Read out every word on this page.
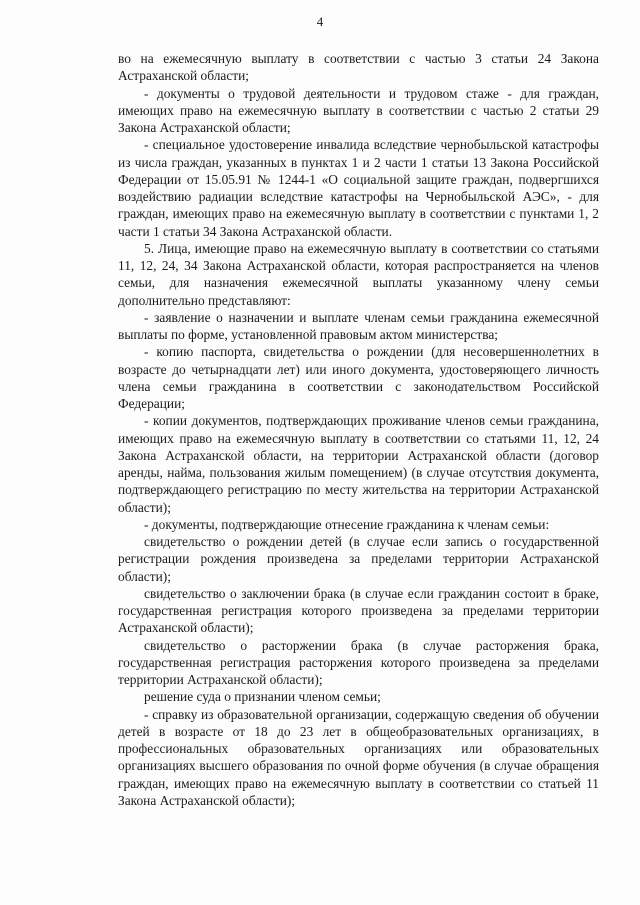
4

во на ежемесячную выплату в соответствии с частью 3 статьи 24 Закона Астраханской области;

- документы о трудовой деятельности и трудовом стаже - для граждан, имеющих право на ежемесячную выплату в соответствии с частью 2 статьи 29 Закона Астраханской области;

- специальное удостоверение инвалида вследствие чернобыльской катастрофы из числа граждан, указанных в пунктах 1 и 2 части 1 статьи 13 Закона Российской Федерации от 15.05.91 № 1244-1 «О социальной защите граждан, подвергшихся воздействию радиации вследствие катастрофы на Чернобыльской АЭС», - для граждан, имеющих право на ежемесячную выплату в соответствии с пунктами 1, 2 части 1 статьи 34 Закона Астраханской области.

5. Лица, имеющие право на ежемесячную выплату в соответствии со статьями 11, 12, 24, 34 Закона Астраханской области, которая распространяется на членов семьи, для назначения ежемесячной выплаты указанному члену семьи дополнительно представляют:

- заявление о назначении и выплате членам семьи гражданина ежемесячной выплаты по форме, установленной правовым актом министерства;

- копию паспорта, свидетельства о рождении (для несовершеннолетних в возрасте до четырнадцати лет) или иного документа, удостоверяющего личность члена семьи гражданина в соответствии с законодательством Российской Федерации;

- копии документов, подтверждающих проживание членов семьи гражданина, имеющих право на ежемесячную выплату в соответствии со статьями 11, 12, 24 Закона Астраханской области, на территории Астраханской области (договор аренды, найма, пользования жилым помещением) (в случае отсутствия документа, подтверждающего регистрацию по месту жительства на территории Астраханской области);

- документы, подтверждающие отнесение гражданина к членам семьи:

свидетельство о рождении детей (в случае если запись о государственной регистрации рождения произведена за пределами территории Астраханской области);

свидетельство о заключении брака (в случае если гражданин состоит в браке, государственная регистрация которого произведена за пределами территории Астраханской области);

свидетельство о расторжении брака (в случае расторжения брака, государственная регистрация расторжения которого произведена за пределами территории Астраханской области);

решение суда о признании членом семьи;

- справку из образовательной организации, содержащую сведения об обучении детей в возрасте от 18 до 23 лет в общеобразовательных организациях, в профессиональных образовательных организациях или образовательных организациях высшего образования по очной форме обучения (в случае обращения граждан, имеющих право на ежемесячную выплату в соответствии со статьей 11 Закона Астраханской области);
